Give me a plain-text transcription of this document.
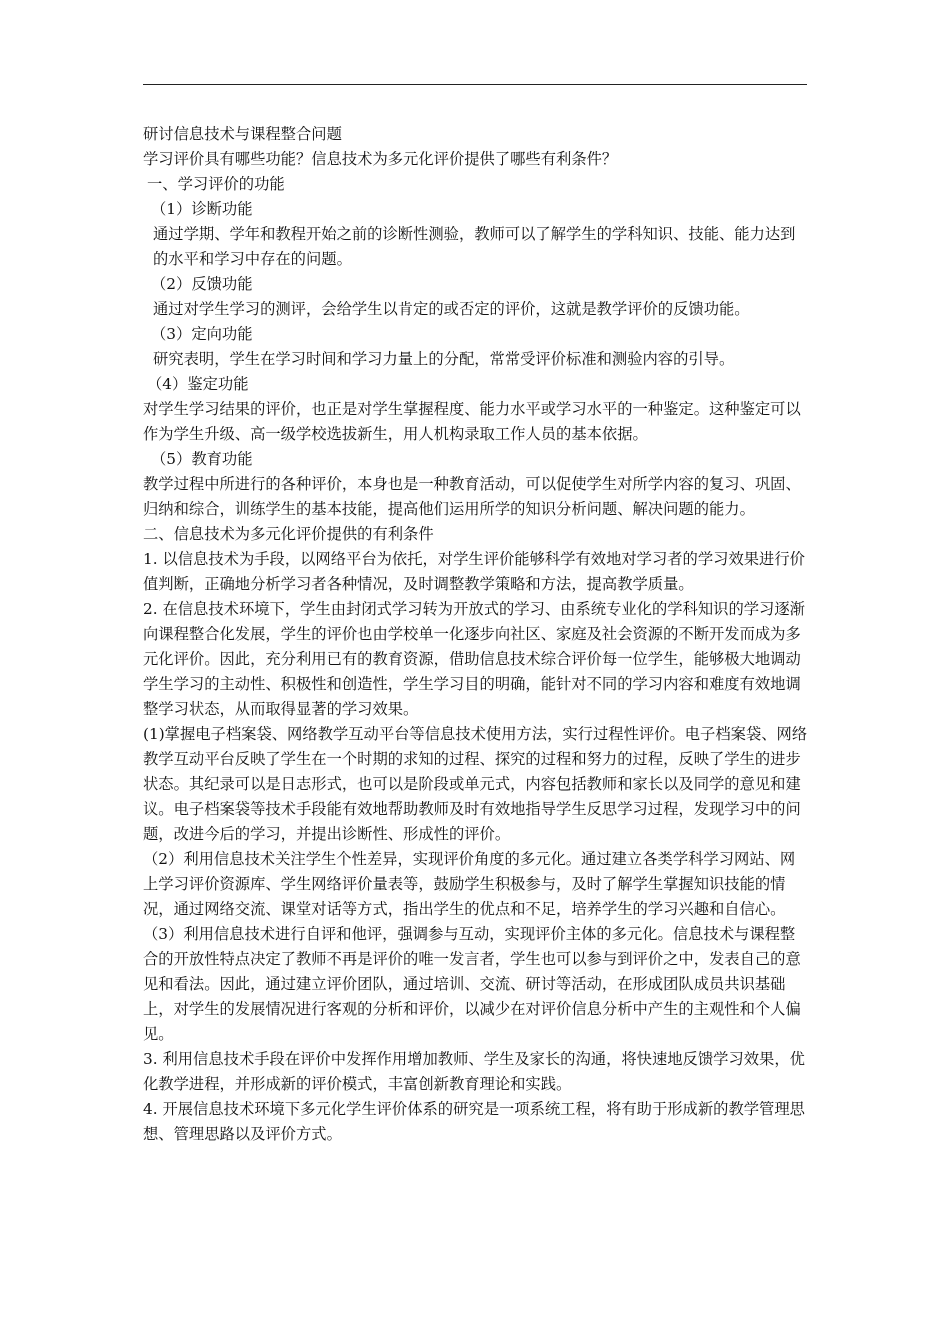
研讨信息技术与课程整合问题

学习评价具有哪些功能？信息技术为多元化评价提供了哪些有利条件？

一、学习评价的功能

（1）诊断功能

通过学期、学年和教程开始之前的诊断性测验，教师可以了解学生的学科知识、技能、能力达到的水平和学习中存在的问题。

（2）反馈功能

通过对学生学习的测评，会给学生以肯定的或否定的评价，这就是教学评价的反馈功能。

（3）定向功能

研究表明，学生在学习时间和学习力量上的分配，常常受评价标准和测验内容的引导。

（4）鉴定功能

对学生学习结果的评价，也正是对学生掌握程度、能力水平或学习水平的一种鉴定。这种鉴定可以作为学生升级、高一级学校选拔新生，用人机构录取工作人员的基本依据。

（5）教育功能

教学过程中所进行的各种评价，本身也是一种教育活动，可以促使学生对所学内容的复习、巩固、归纳和综合，训练学生的基本技能，提高他们运用所学的知识分析问题、解决问题的能力。

二、信息技术为多元化评价提供的有利条件

1. 以信息技术为手段，以网络平台为依托，对学生评价能够科学有效地对学习者的学习效果进行价值判断，正确地分析学习者各种情况，及时调整教学策略和方法，提高教学质量。

2. 在信息技术环境下，学生由封闭式学习转为开放式的学习、由系统专业化的学科知识的学习逐渐向课程整合化发展，学生的评价也由学校单一化逐步向社区、家庭及社会资源的不断开发而成为多元化评价。因此，充分利用已有的教育资源，借助信息技术综合评价每一位学生，能够极大地调动学生学习的主动性、积极性和创造性，学生学习目的明确，能针对不同的学习内容和难度有效地调整学习状态，从而取得显著的学习效果。

(1)掌握电子档案袋、网络教学互动平台等信息技术使用方法，实行过程性评价。电子档案袋、网络教学互动平台反映了学生在一个时期的求知的过程、探究的过程和努力的过程，反映了学生的进步状态。其纪录可以是日志形式，也可以是阶段或单元式，内容包括教师和家长以及同学的意见和建议。电子档案袋等技术手段能有效地帮助教师及时有效地指导学生反思学习过程，发现学习中的问题，改进今后的学习，并提出诊断性、形成性的评价。

（2）利用信息技术关注学生个性差异，实现评价角度的多元化。通过建立各类学科学习网站、网上学习评价资源库、学生网络评价量表等，鼓励学生积极参与，及时了解学生掌握知识技能的情况，通过网络交流、课堂对话等方式，指出学生的优点和不足，培养学生的学习兴趣和自信心。

（3）利用信息技术进行自评和他评，强调参与互动，实现评价主体的多元化。信息技术与课程整合的开放性特点决定了教师不再是评价的唯一发言者，学生也可以参与到评价之中，发表自己的意见和看法。因此，通过建立评价团队，通过培训、交流、研讨等活动，在形成团队成员共识基础上，对学生的发展情况进行客观的分析和评价，以减少在对评价信息分析中产生的主观性和个人偏见。

3. 利用信息技术手段在评价中发挥作用增加教师、学生及家长的沟通，将快速地反馈学习效果，优化教学进程，并形成新的评价模式，丰富创新教育理论和实践。

4. 开展信息技术环境下多元化学生评价体系的研究是一项系统工程，将有助于形成新的教学管理思想、管理思路以及评价方式。
